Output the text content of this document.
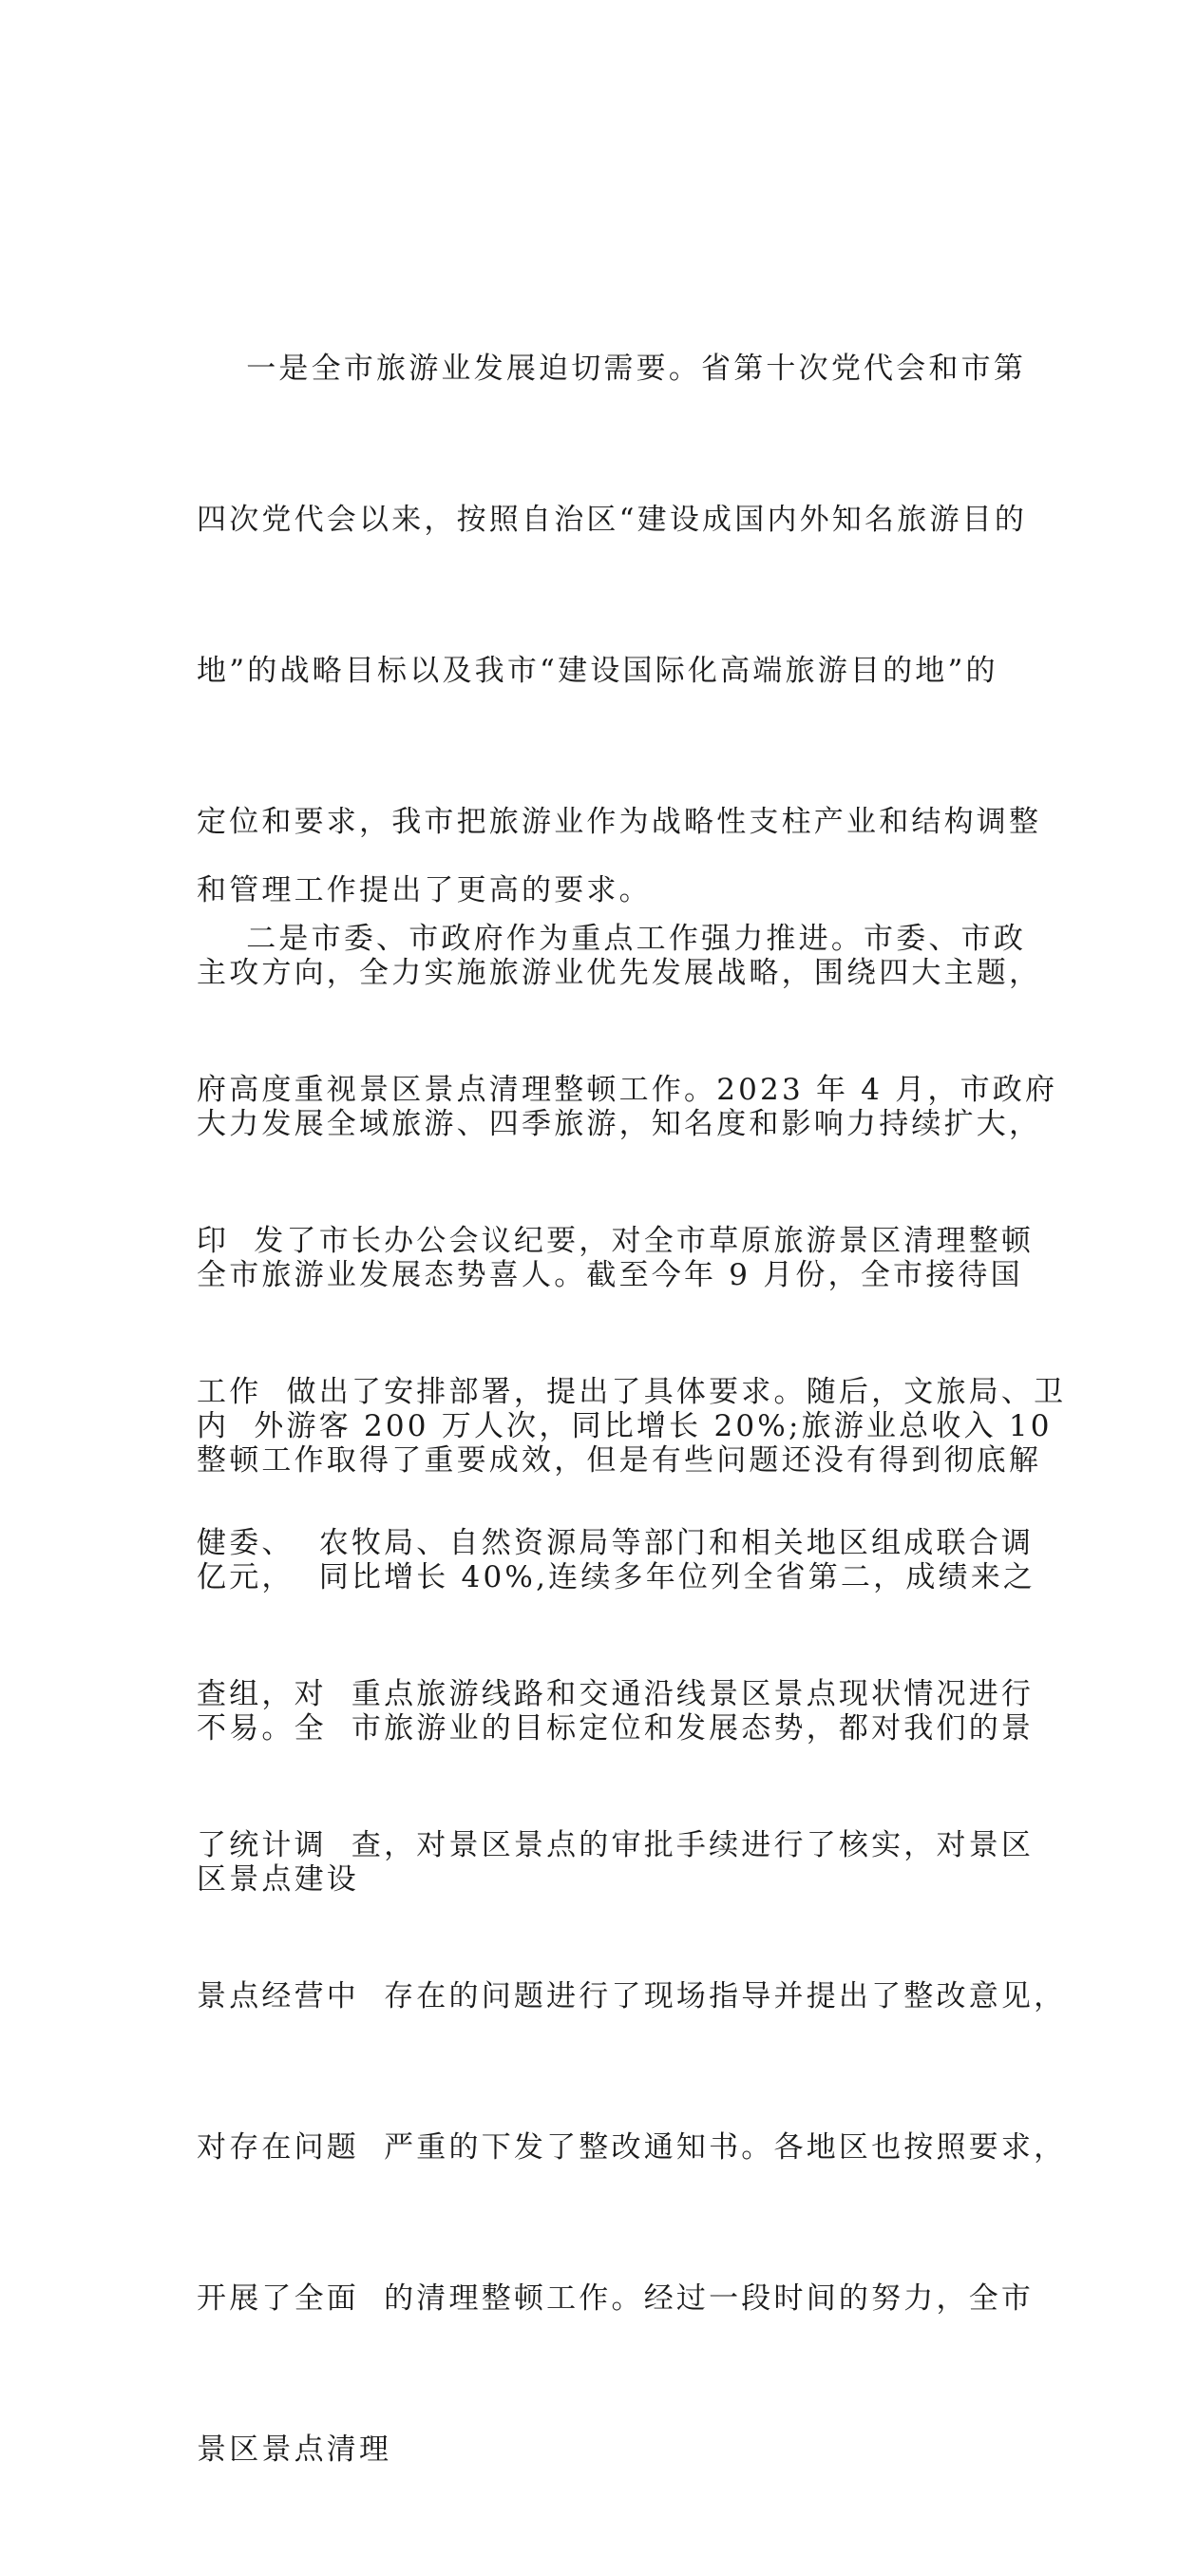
一是全市旅游业发展迫切需要。省第十次党代会和市第

四次党代会以来，按照自治区“建设成国内外知名旅游目的

地”的战略目标以及我市“建设国际化高端旅游目的地”的

定位和要求，我市把旅游业作为战略性支柱产业和结构调整

主攻方向，全力实施旅游业优先发展战略，围绕四大主题，

大力发展全域旅游、四季旅游，知名度和影响力持续扩大，

全市旅游业发展态势喜人。截至今年 9 月份，全市接待国

内  外游客 200 万人次，同比增长 20%;旅游业总收入 10

亿元，  同比增长 40%,连续多年位列全省第二，成绩来之

不易。全  市旅游业的目标定位和发展态势，都对我们的景

区景点建设

和管理工作提出了更高的要求。

二是市委、市政府作为重点工作强力推进。市委、市政

府高度重视景区景点清理整顿工作。2023 年 4 月，市政府

印  发了市长办公会议纪要，对全市草原旅游景区清理整顿

工作  做出了安排部署，提出了具体要求。随后，文旅局、卫

健委、  农牧局、自然资源局等部门和相关地区组成联合调

查组，对  重点旅游线路和交通沿线景区景点现状情况进行

了统计调  查，对景区景点的审批手续进行了核实，对景区

景点经营中  存在的问题进行了现场指导并提出了整改意见，

对存在问题  严重的下发了整改通知书。各地区也按照要求，

开展了全面  的清理整顿工作。经过一段时间的努力，全市

景区景点清理

整顿工作取得了重要成效，但是有些问题还没有得到彻底解
